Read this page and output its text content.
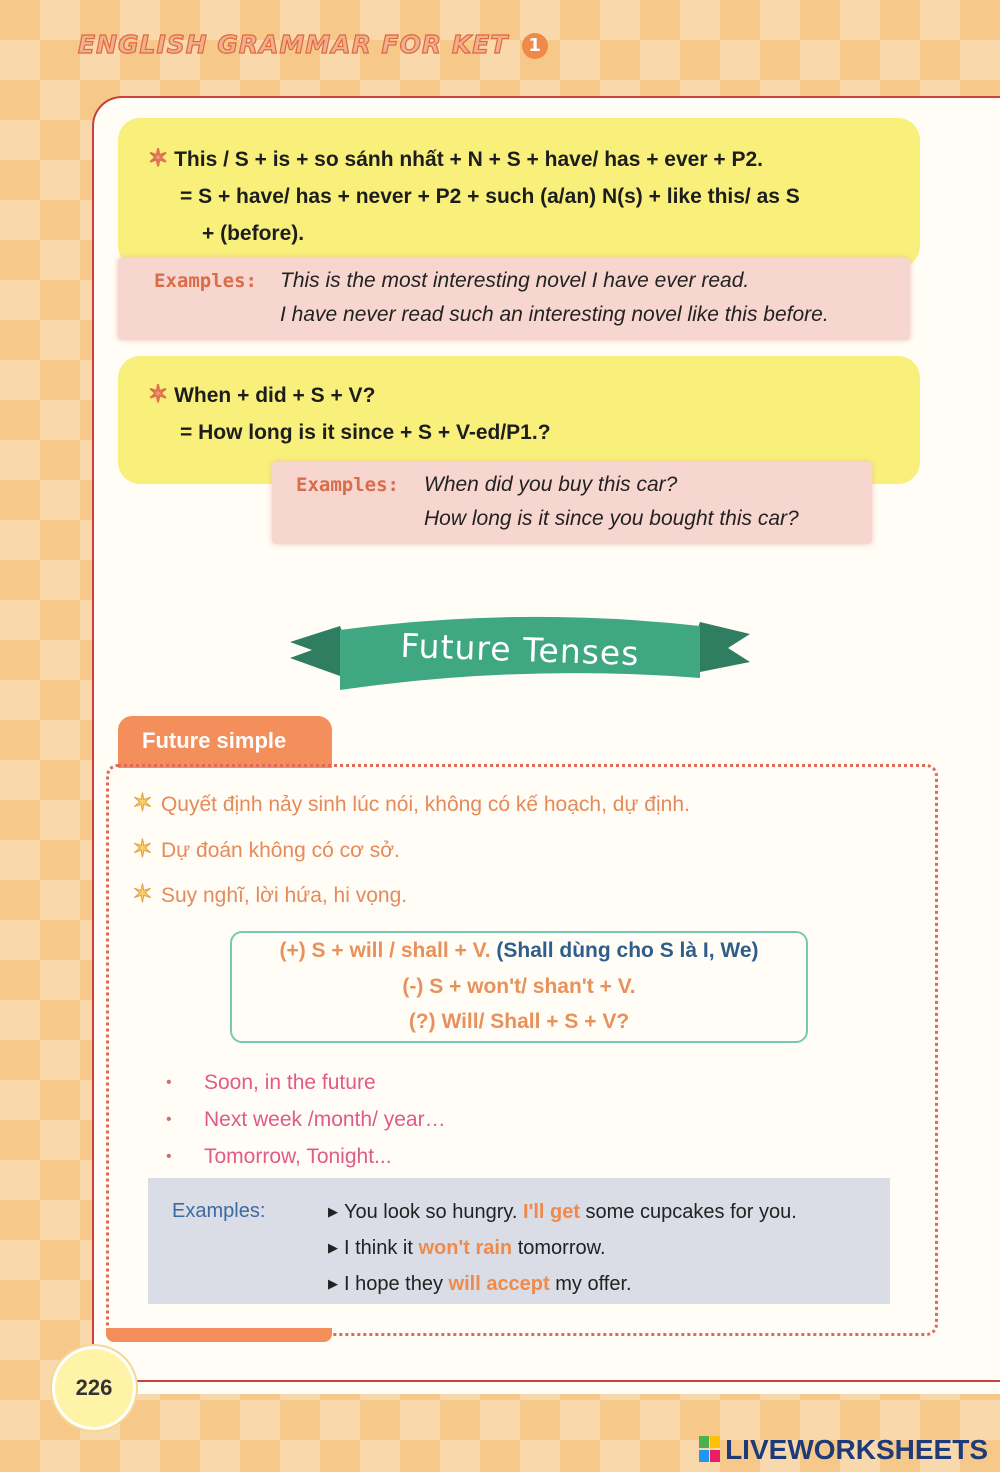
ENGLISH GRAMMAR FOR KET 1
✶ This / S + is + so sánh nhất + N + S + have/ has + ever + P2.
= S + have/ has + never + P2 + such (a/an) N(s) + like this/ as S
+ (before).
Examples: This is the most interesting novel I have ever read.
I have never read such an interesting novel like this before.
✶ When + did + S + V?
= How long is it since + S + V-ed/P1.?
Examples: When did you buy this car?
How long is it since you bought this car?
Future Tenses
Future simple
✶ Quyết định nảy sinh lúc nói, không có kế hoạch, dự định.
✶ Dự đoán không có cơ sở.
✶ Suy nghĩ, lời hứa, hi vọng.
(+) S + will / shall + V. (Shall dùng cho S là I, We)
(-) S + won't/ shan't + V.
(?) Will/ Shall + S + V?
• Soon, in the future
• Next week /month/ year…
• Tomorrow, Tonight...
Examples:	▶ You look so hungry. I'll get some cupcakes for you.
▶ I think it won't rain tomorrow.
▶ I hope they will accept my offer.
226
LIVEWORKSHEETS
